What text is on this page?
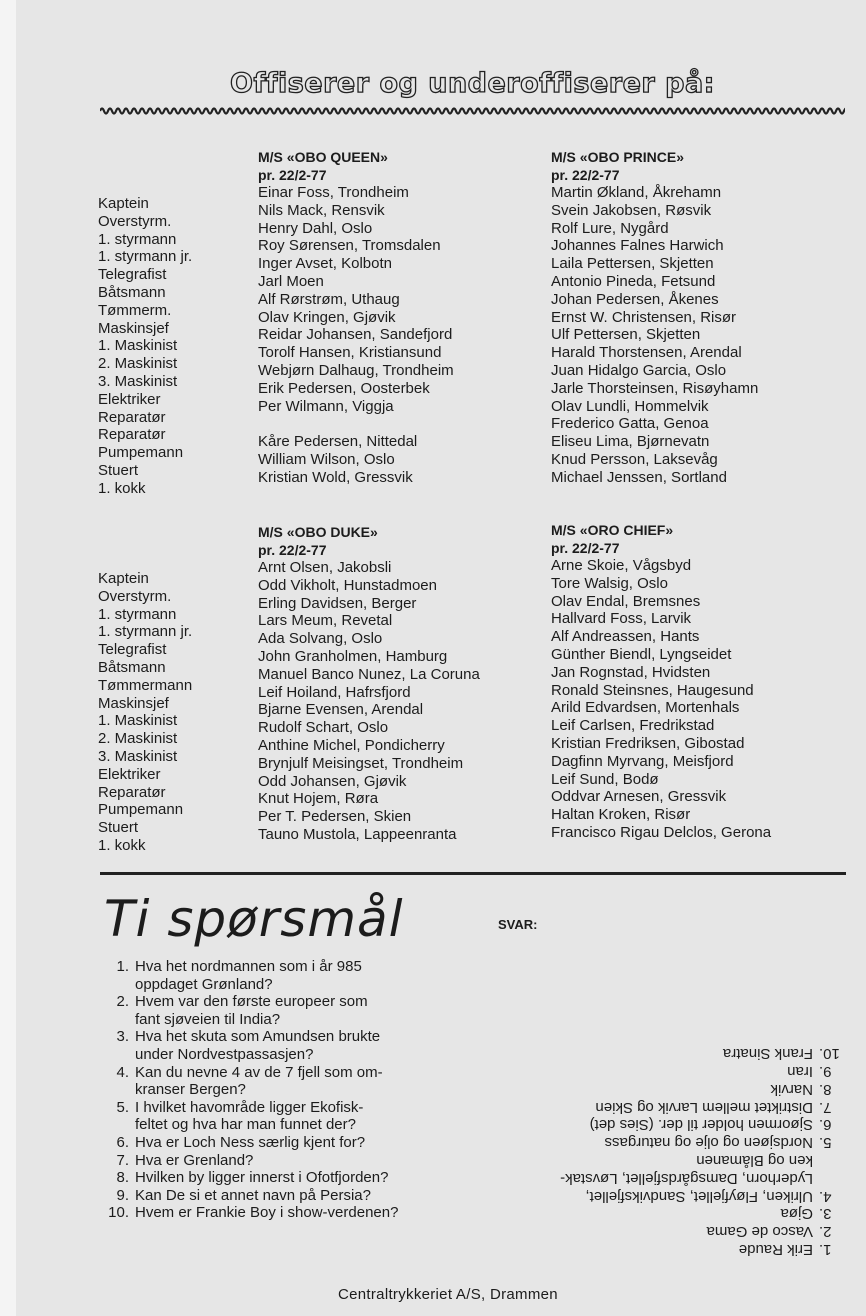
Offiserer og underoffiserer på:
Kaptein
Overstyrm.
1. styrmann
1. styrmann jr.
Telegrafist
Båtsmann
Tømmerm.
Maskinsjef
1. Maskinist
2. Maskinist
3. Maskinist
Elektriker
Reparatør
Reparatør
Pumpemann
Stuert
1. kokk
M/S «OBO QUEEN»
pr. 22/2-77
Einar Foss, Trondheim
Nils Mack, Rensvik
Henry Dahl, Oslo
Roy Sørensen, Tromsdalen
Inger Avset, Kolbotn
Jarl Moen
Alf Rørstrøm, Uthaug
Olav Kringen, Gjøvik
Reidar Johansen, Sandefjord
Torolf Hansen, Kristiansund
Webjørn Dalhaug, Trondheim
Erik Pedersen, Oosterbek
Per Wilmann, Viggja
Kåre Pedersen, Nittedal
William Wilson, Oslo
Kristian Wold, Gressvik
M/S «OBO PRINCE»
pr. 22/2-77
Martin Økland, Åkrehamn
Svein Jakobsen, Røsvik
Rolf Lure, Nygård
Johannes Falnes Harwich
Laila Pettersen, Skjetten
Antonio Pineda, Fetsund
Johan Pedersen, Åkenes
Ernst W. Christensen, Risør
Ulf Pettersen, Skjetten
Harald Thorstensen, Arendal
Juan Hidalgo Garcia, Oslo
Jarle Thorsteinsen, Risøyhamn
Olav Lundli, Hommelvik
Frederico Gatta, Genoa
Eliseu Lima, Bjørnevatn
Knud Persson, Laksevåg
Michael Jenssen, Sortland
Kaptein
Overstyrm.
1. styrmann
1. styrmann jr.
Telegrafist
Båtsmann
Tømmermann
Maskinsjef
1. Maskinist
2. Maskinist
3. Maskinist
Elektriker
Reparatør
Pumpemann
Stuert
1. kokk
M/S «OBO DUKE»
pr. 22/2-77
Arnt Olsen, Jakobsli
Odd Vikholt, Hunstadmoen
Erling Davidsen, Berger
Lars Meum, Revetal
Ada Solvang, Oslo
John Granholmen, Hamburg
Manuel Banco Nunez, La Coruna
Leif Hoiland, Hafrsfjord
Bjarne Evensen, Arendal
Rudolf Schart, Oslo
Anthine Michel, Pondicherry
Brynjulf Meisingset, Trondheim
Odd Johansen, Gjøvik
Knut Hojem, Røra
Per T. Pedersen, Skien
Tauno Mustola, Lappeenranta
M/S «ORO CHIEF»
pr. 22/2-77
Arne Skoie, Vågsbyd
Tore Walsig, Oslo
Olav Endal, Bremsnes
Hallvard Foss, Larvik
Alf Andreassen, Hants
Günther Biendl, Lyngseidet
Jan Rognstad, Hvidsten
Ronald Steinsnes, Haugesund
Arild Edvardsen, Mortenhals
Leif Carlsen, Fredrikstad
Kristian Fredriksen, Gibostad
Dagfinn Myrvang, Meisfjord
Leif Sund, Bodø
Oddvar Arnesen, Gressvik
Haltan Kroken, Risør
Francisco Rigau Delclos, Gerona
Ti spørsmål	SVAR:
1. Hva het nordmannen som i år 985
oppdaget Grønland?
2. Hvem var den første europeer som
fant sjøveien til India?
3. Hva het skuta som Amundsen brukte
under Nordvestpassasjen?
4. Kan du nevne 4 av de 7 fjell som om-
kranser Bergen?
5. I hvilket havområde ligger Ekofisk-
feltet og hva har man funnet der?
6. Hva er Loch Ness særlig kjent for?
7. Hva er Grenland?
8. Hvilken by ligger innerst i Ofotfjorden?
9. Kan De si et annet navn på Persia?
10. Hvem er Frankie Boy i show-verdenen?
1.
Erik Raude
2.
Vasco de Gama
3.
Gjøa
4.
Ulriken, Fløyfjellet, Sandviksfjellet,
Lyderhorn, Damsgårdsfjellet, Løvstak-
ken og Blåmanen
5.
Nordsjøen og olje og naturgass
6.
Sjøormen holder til der. (Sies det)
7.
Distriktet mellem Larvik og Skien
8.
Narvik
9.
Iran
10.
Frank Sinatra
Centraltrykkeriet A/S, Drammen
